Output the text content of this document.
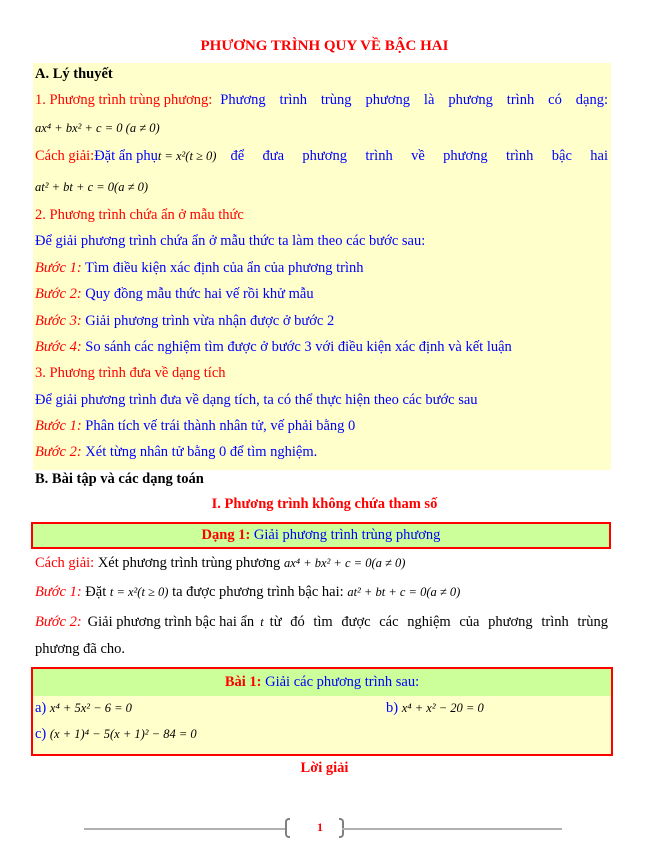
PHƯƠNG TRÌNH QUY VỀ BẬC HAI
A. Lý thuyết
1. Phương trình trùng phương: Phương trình trùng phương là phương trình có dạng:
ax⁴ + bx² + c = 0 (a ≠ 0)
Cách giải: Đặt ẩn phụ t = x²(t ≥ 0) để đưa phương trình về phương trình bậc hai
at² + bt + c = 0(a ≠ 0)
2. Phương trình chứa ẩn ở mẫu thức
Để giải phương trình chứa ẩn ở mẫu thức ta làm theo các bước sau:
Bước 1: Tìm điều kiện xác định của ẩn của phương trình
Bước 2: Quy đồng mẫu thức hai vế rồi khử mẫu
Bước 3: Giải phương trình vừa nhận được ở bước 2
Bước 4: So sánh các nghiệm tìm được ở bước 3 với điều kiện xác định và kết luận
3. Phương trình đưa về dạng tích
Để giải phương trình đưa về dạng tích, ta có thể thực hiện theo các bước sau
Bước 1: Phân tích vế trái thành nhân tử, vế phải bằng 0
Bước 2: Xét từng nhân tử bằng 0 để tìm nghiệm.
B. Bài tập và các dạng toán
I. Phương trình không chứa tham số
Dạng 1: Giải phương trình trùng phương
Cách giải: Xét phương trình trùng phương ax⁴ + bx² + c = 0(a ≠ 0)
Bước 1: Đặt t = x²(t ≥ 0) ta được phương trình bậc hai: at² + bt + c = 0(a ≠ 0)
Bước 2: Giải phương trình bậc hai ẩn t từ đó tìm được các nghiệm của phương trình trùng
phương đã cho.
Bài 1: Giải các phương trình sau:
a) x⁴ + 5x² − 6 = 0	b) x⁴ + x² − 20 = 0
c) (x + 1)⁴ − 5(x + 1)² − 84 = 0
Lời giải
1
